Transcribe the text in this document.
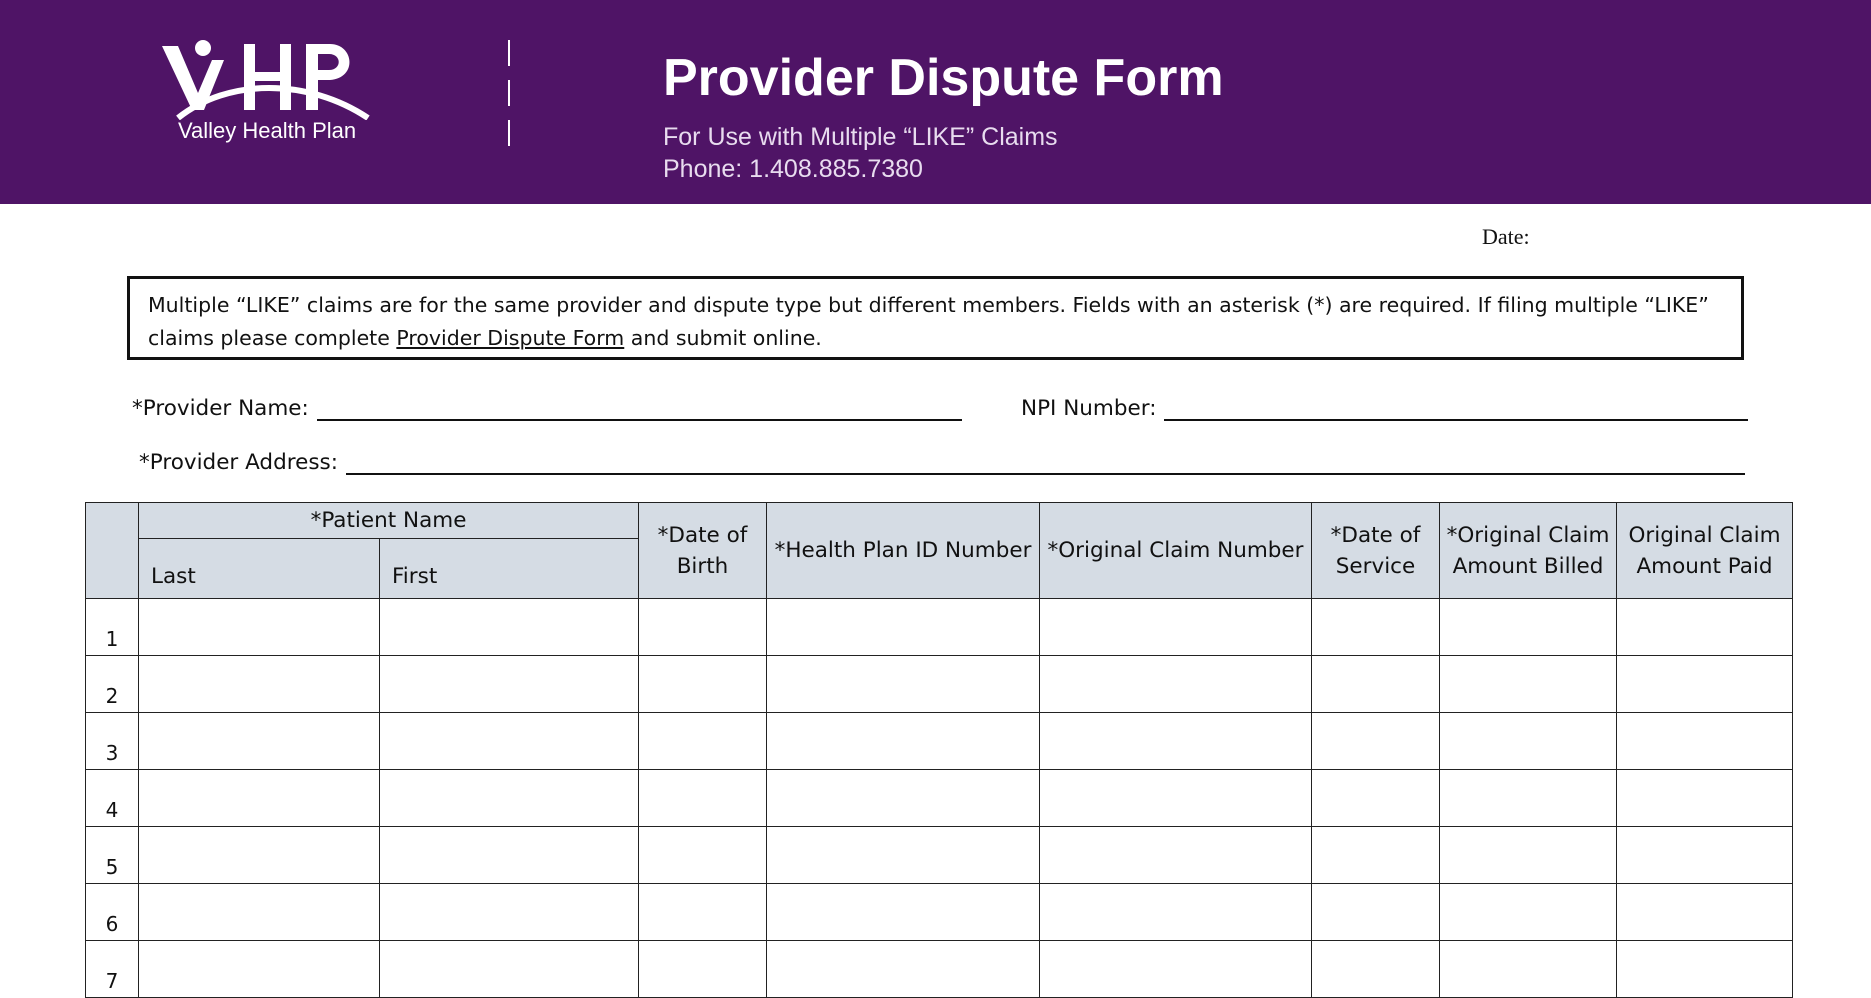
Valley Health Plan
Provider Dispute Form
For Use with Multiple “LIKE” Claims
Phone: 1.408.885.7380
Date:
Multiple “LIKE” claims are for the same provider and dispute type but different members. Fields with an asterisk (*) are required. If filing multiple “LIKE” claims please complete Provider Dispute Form and submit online.
*Provider Name:	NPI Number:
*Provider Address:
	*Patient Name		*Date of Birth	*Health Plan ID Number	*Original Claim Number	*Date of Service	*Original Claim Amount Billed	Original Claim Amount Paid
	Last	First						
1								
2								
3								
4								
5								
6								
7								
